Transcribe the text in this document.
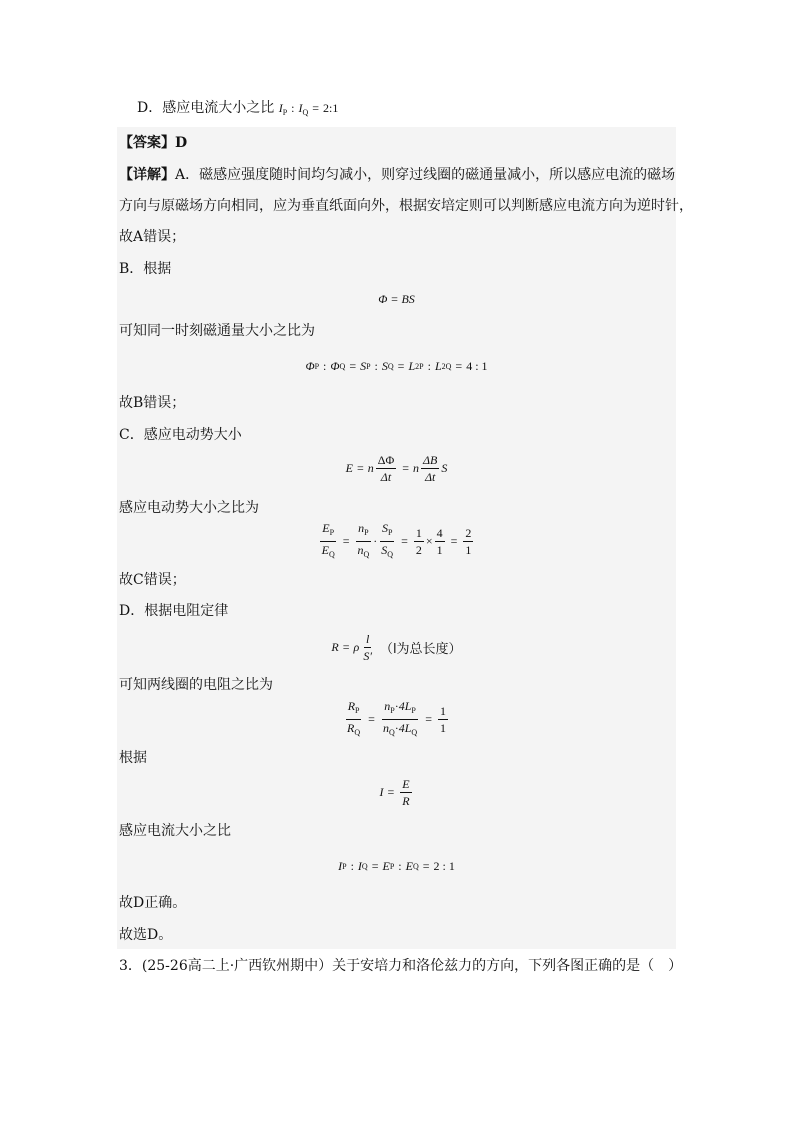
D．感应电流大小之比 $I_P$ : $I_Q$ = 2:1
【答案】D
【详解】A．磁感应强度随时间均匀减小，则穿过线圈的磁通量减小，所以感应电流的磁场
方向与原磁场方向相同，应为垂直纸面向外，根据安培定则可以判断感应电流方向为逆时针，
故A错误；
B．根据
Φ = BS
可知同一时刻磁通量大小之比为
Φ P : Φ Q = S P : S Q = L 2 P : L 2 Q = 4 : 1
故B错误；
C．感应电动势大小
E = n $\frac{\Delta\Phi}{\Delta t} = n \frac{\Delta B}{\Delta t}$ S
感应电动势大小之比为
$\frac{E_P}{E_Q} = \frac{n_P}{n_Q} \cdot \frac{S_P}{S_Q} = \frac{1}{2} \times \frac{4}{1} = \frac{2}{1}$
故C错误；
D．根据电阻定律
R = ρ $\frac{l}{S'} (l$为总长度）
可知两线圈的电阻之比为
$\frac{R_P}{R_Q} = \frac{n_P\cdot 4L_P}{n_Q\cdot 4L_Q} = \frac{1}{1}$
根据
$I = \frac{E}{R}$
感应电流大小之比
I P : I Q = E P : E Q = 2 : 1
故D正确。
故选D。
3．(25-26高二上·广西钦州期中）关于安培力和洛伦兹力的方向，下列各图正确的是（　）
